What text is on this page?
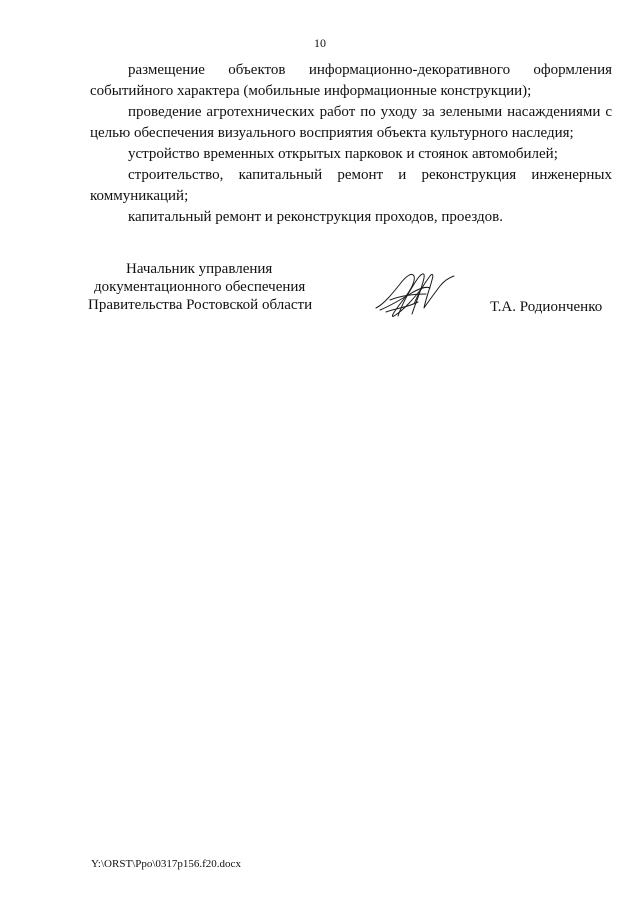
10

размещение объектов информационно-декоративного оформления событийного характера (мобильные информационные конструкции);

проведение агротехнических работ по уходу за зелеными насаждениями с целью обеспечения визуального восприятия объекта культурного наследия;

устройство временных открытых парковок и стоянок автомобилей;

строительство, капитальный ремонт и реконструкция инженерных коммуникаций;

капитальный ремонт и реконструкция проходов, проездов.

Начальник управления
документационного обеспечения
Правительства Ростовской области	Т.А. Родионченко
Y:\ORST\Ppo\0317p156.f20.docx
